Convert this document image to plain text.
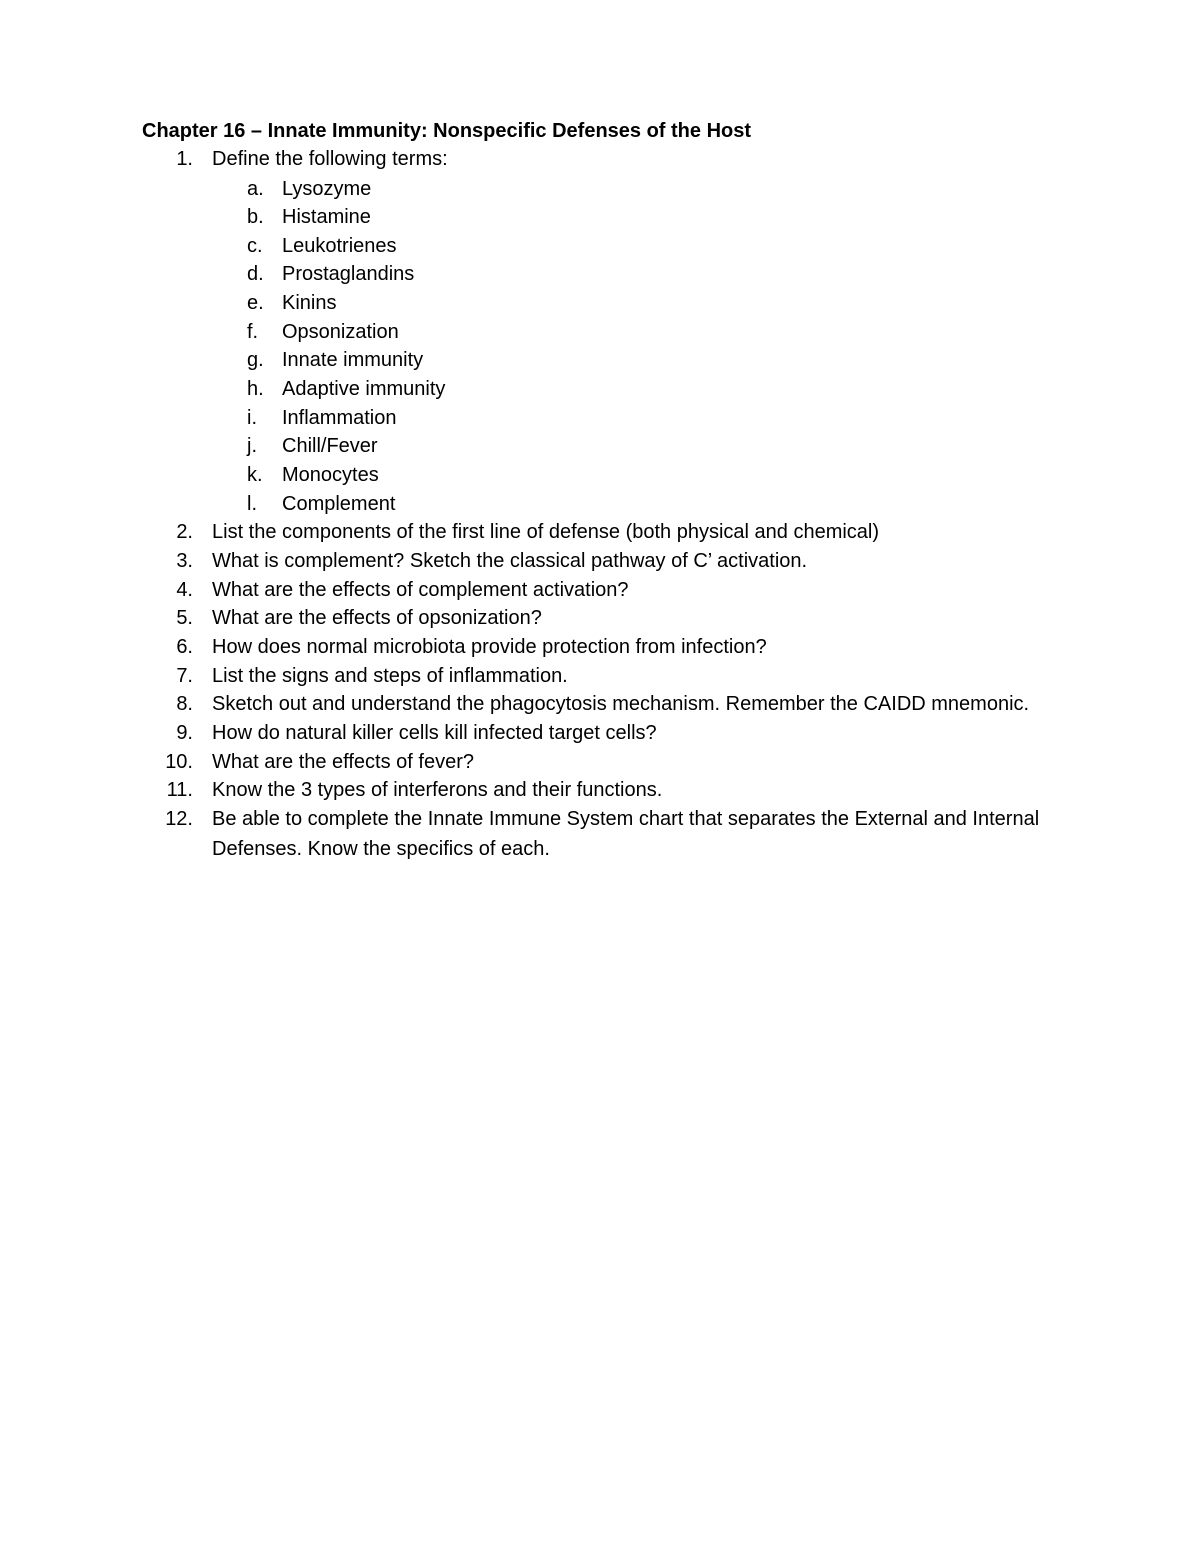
Chapter 16 – Innate Immunity: Nonspecific Defenses of the Host
1. Define the following terms:
a. Lysozyme
b. Histamine
c. Leukotrienes
d. Prostaglandins
e. Kinins
f. Opsonization
g. Innate immunity
h. Adaptive immunity
i. Inflammation
j. Chill/Fever
k. Monocytes
l. Complement
2. List the components of the first line of defense (both physical and chemical)
3. What is complement? Sketch the classical pathway of C’ activation.
4. What are the effects of complement activation?
5. What are the effects of opsonization?
6. How does normal microbiota provide protection from infection?
7. List the signs and steps of inflammation.
8. Sketch out and understand the phagocytosis mechanism. Remember the CAIDD mnemonic.
9. How do natural killer cells kill infected target cells?
10. What are the effects of fever?
11. Know the 3 types of interferons and their functions.
12. Be able to complete the Innate Immune System chart that separates the External and Internal
Defenses. Know the specifics of each.
